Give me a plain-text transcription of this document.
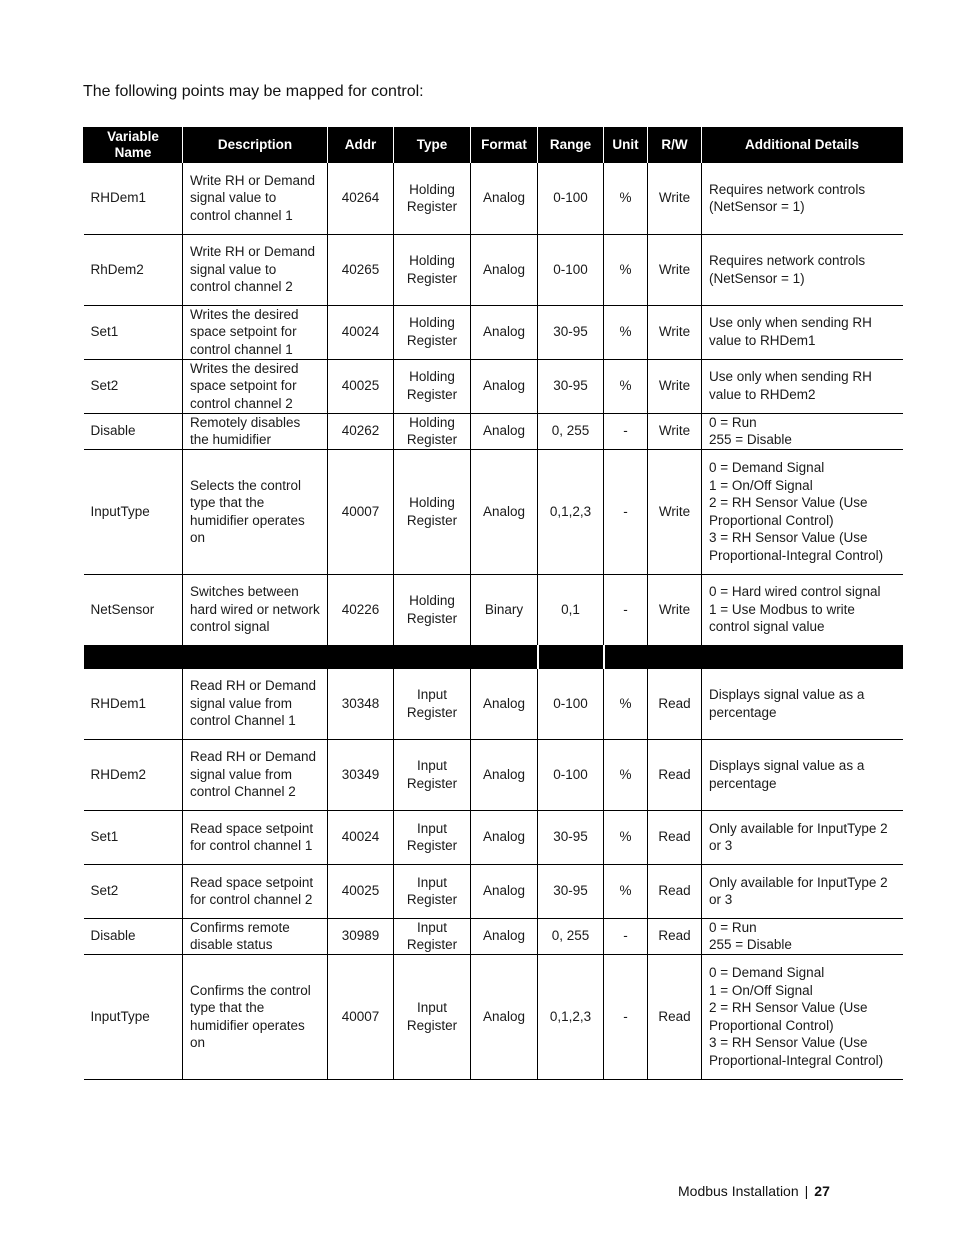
The following points may be mapped for control:
Variable Name	Description	Addr	Type	Format	Range	Unit	R/W	Additional Details
RHDem1	Write RH or Demand signal value to control channel 1	40264	Holding Register	Analog	0-100	%	Write	Requires network controls (NetSensor = 1)

RhDem2	Write RH or Demand signal value to control channel 2	40265	Holding Register	Analog	0-100	%	Write	Requires network controls (NetSensor = 1)

Set1	Writes the desired space setpoint for control channel 1	40024	Holding Register	Analog	30-95	%	Write	Use only when sending RH value to RHDem1

Set2	Writes the desired space setpoint for control channel 2	40025	Holding Register	Analog	30-95	%	Write	Use only when sending RH value to RHDem2

Disable	Remotely disables the humidifier	40262	Holding Register	Analog	0, 255	-	Write	0 = Run
255 = Disable

InputType	Selects the control type that the humidifier operates on	40007	Holding Register	Analog	0,1,2,3	-	Write	0 = Demand Signal
1 = On/Off Signal
2 = RH Sensor Value (Use Proportional Control)
3 = RH Sensor Value (Use Proportional-Integral Control)

NetSensor	Switches between hard wired or network control signal	40226	Holding Register	Binary	0,1	-	Write	0 = Hard wired control signal
1 = Use Modbus to write control signal value

RHDem1	Read RH or Demand signal value from control Channel 1	30348	Input Register	Analog	0-100	%	Read	Displays signal value as a percentage

RHDem2	Read RH or Demand signal value from control Channel 2	30349	Input Register	Analog	0-100	%	Read	Displays signal value as a percentage

Set1	Read space setpoint for control channel 1	40024	Input Register	Analog	30-95	%	Read	Only available for InputType 2 or 3

Set2	Read space setpoint for control channel 2	40025	Input Register	Analog	30-95	%	Read	Only available for InputType 2 or 3

Disable	Confirms remote disable status	30989	Input Register	Analog	0, 255	-	Read	0 = Run
255 = Disable

InputType	Confirms the control type that the humidifier operates on	40007	Input Register	Analog	0,1,2,3	-	Read	0 = Demand Signal
1 = On/Off Signal
2 = RH Sensor Value (Use Proportional Control)
3 = RH Sensor Value (Use Proportional-Integral Control)
Modbus Installation | 27
